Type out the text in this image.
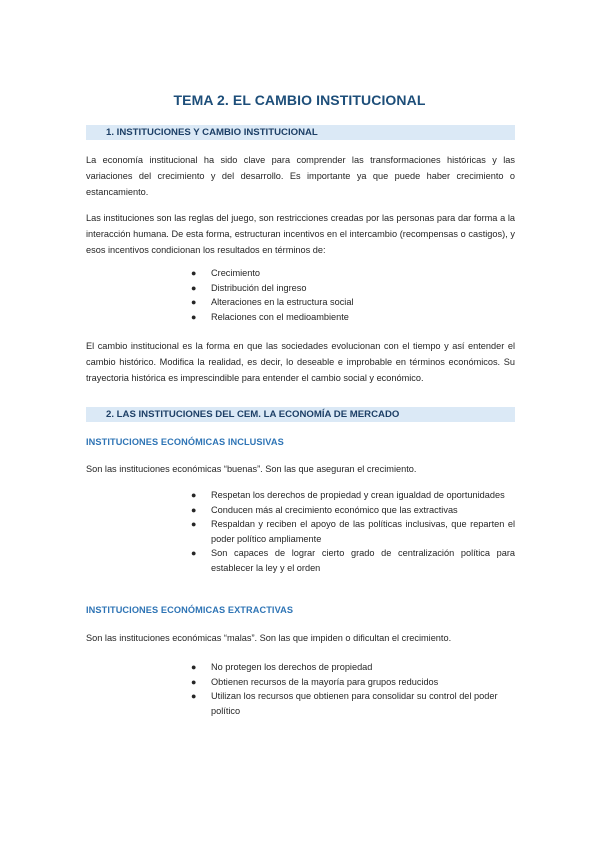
TEMA 2. EL CAMBIO INSTITUCIONAL
1. INSTITUCIONES Y CAMBIO INSTITUCIONAL
La economía institucional ha sido clave para comprender las transformaciones históricas y las variaciones del crecimiento y del desarrollo. Es importante ya que puede haber crecimiento o estancamiento.
Las instituciones son las reglas del juego, son restricciones creadas por las personas para dar forma a la interacción humana. De esta forma, estructuran incentivos en el intercambio (recompensas o castigos), y esos incentivos condicionan los resultados en términos de:
● Crecimiento
● Distribución del ingreso
● Alteraciones en la estructura social
● Relaciones con el medioambiente
El cambio institucional es la forma en que las sociedades evolucionan con el tiempo y así entender el cambio histórico. Modifica la realidad, es decir, lo deseable e improbable en términos económicos. Su trayectoria histórica es imprescindible para entender el cambio social y económico.
2. LAS INSTITUCIONES DEL CEM. LA ECONOMÍA DE MERCADO
INSTITUCIONES ECONÓMICAS INCLUSIVAS
Son las instituciones económicas “buenas”. Son las que aseguran el crecimiento.
● Respetan los derechos de propiedad y crean igualdad de oportunidades
● Conducen más al crecimiento económico que las extractivas
● Respaldan y reciben el apoyo de las políticas inclusivas, que reparten el poder político ampliamente
● Son capaces de lograr cierto grado de centralización política para establecer la ley y el orden
INSTITUCIONES ECONÓMICAS EXTRACTIVAS
Son las instituciones económicas “malas”. Son las que impiden o dificultan el crecimiento.
● No protegen los derechos de propiedad
● Obtienen recursos de la mayoría para grupos reducidos
● Utilizan los recursos que obtienen para consolidar su control del poder político
